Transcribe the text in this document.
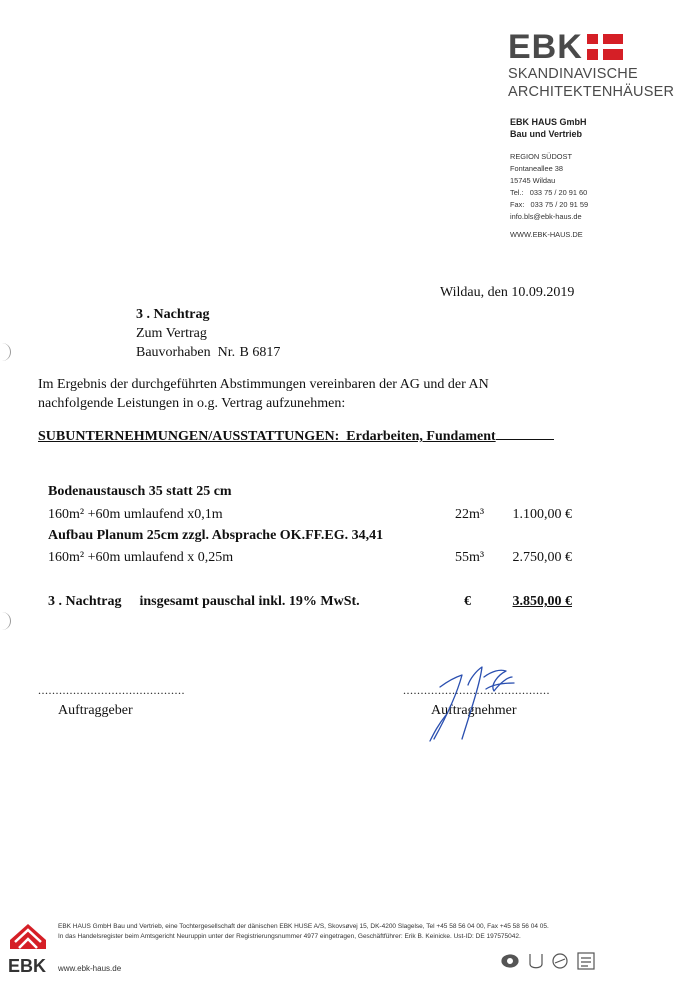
EBK
SKANDINAVISCHE
ARCHITEKTENHÄUSER
EBK HAUS GmbH
Bau und Vertrieb
REGION SÜDOST
Fontaneallee 38
15745 Wildau
Tel.:   033 75 / 20 91 60
Fax:   033 75 / 20 91 59
info.bls@ebk-haus.de
WWW.EBK-HAUS.DE
Wildau, den 10.09.2019
3 . Nachtrag
Zum Vertrag
Bauvorhaben  Nr. B 6817
Im Ergebnis der durchgeführten Abstimmungen vereinbaren der AG und der AN
nachfolgende Leistungen in o.g. Vertrag aufzunehmen:
SUBUNTERNEHMUNGEN/AUSSTATTUNGEN:  Erdarbeiten, Fundament
Bodenaustausch 35 statt 25 cm
160m² +60m umlaufend x0,1m	22m³ 1.100,00 €
Aufbau Planum 25cm zzgl. Absprache OK.FF.EG. 34,41
160m² +60m umlaufend x 0,25m	55m³ 2.750,00 €
3 . Nachtrag insgesamt pauschal inkl. 19% MwSt.	€	3.850,00 €
..........................................	..........................................
Auftraggeber	Auftragnehmer
EBK
EBK HAUS GmbH Bau und Vertrieb, eine Tochtergesellschaft der dänischen EBK HUSE A/S, Skovsøvej 15, DK-4200 Slagelse, Tel +45 58 56 04 00, Fax +45 58 56 04 05.
In das Handelsregister beim Amtsgericht Neuruppin unter der Registrierungsnummer 4977 eingetragen, Geschäftführer: Erik B. Keinicke. Ust-ID: DE 197575042.
www.ebk-haus.de
